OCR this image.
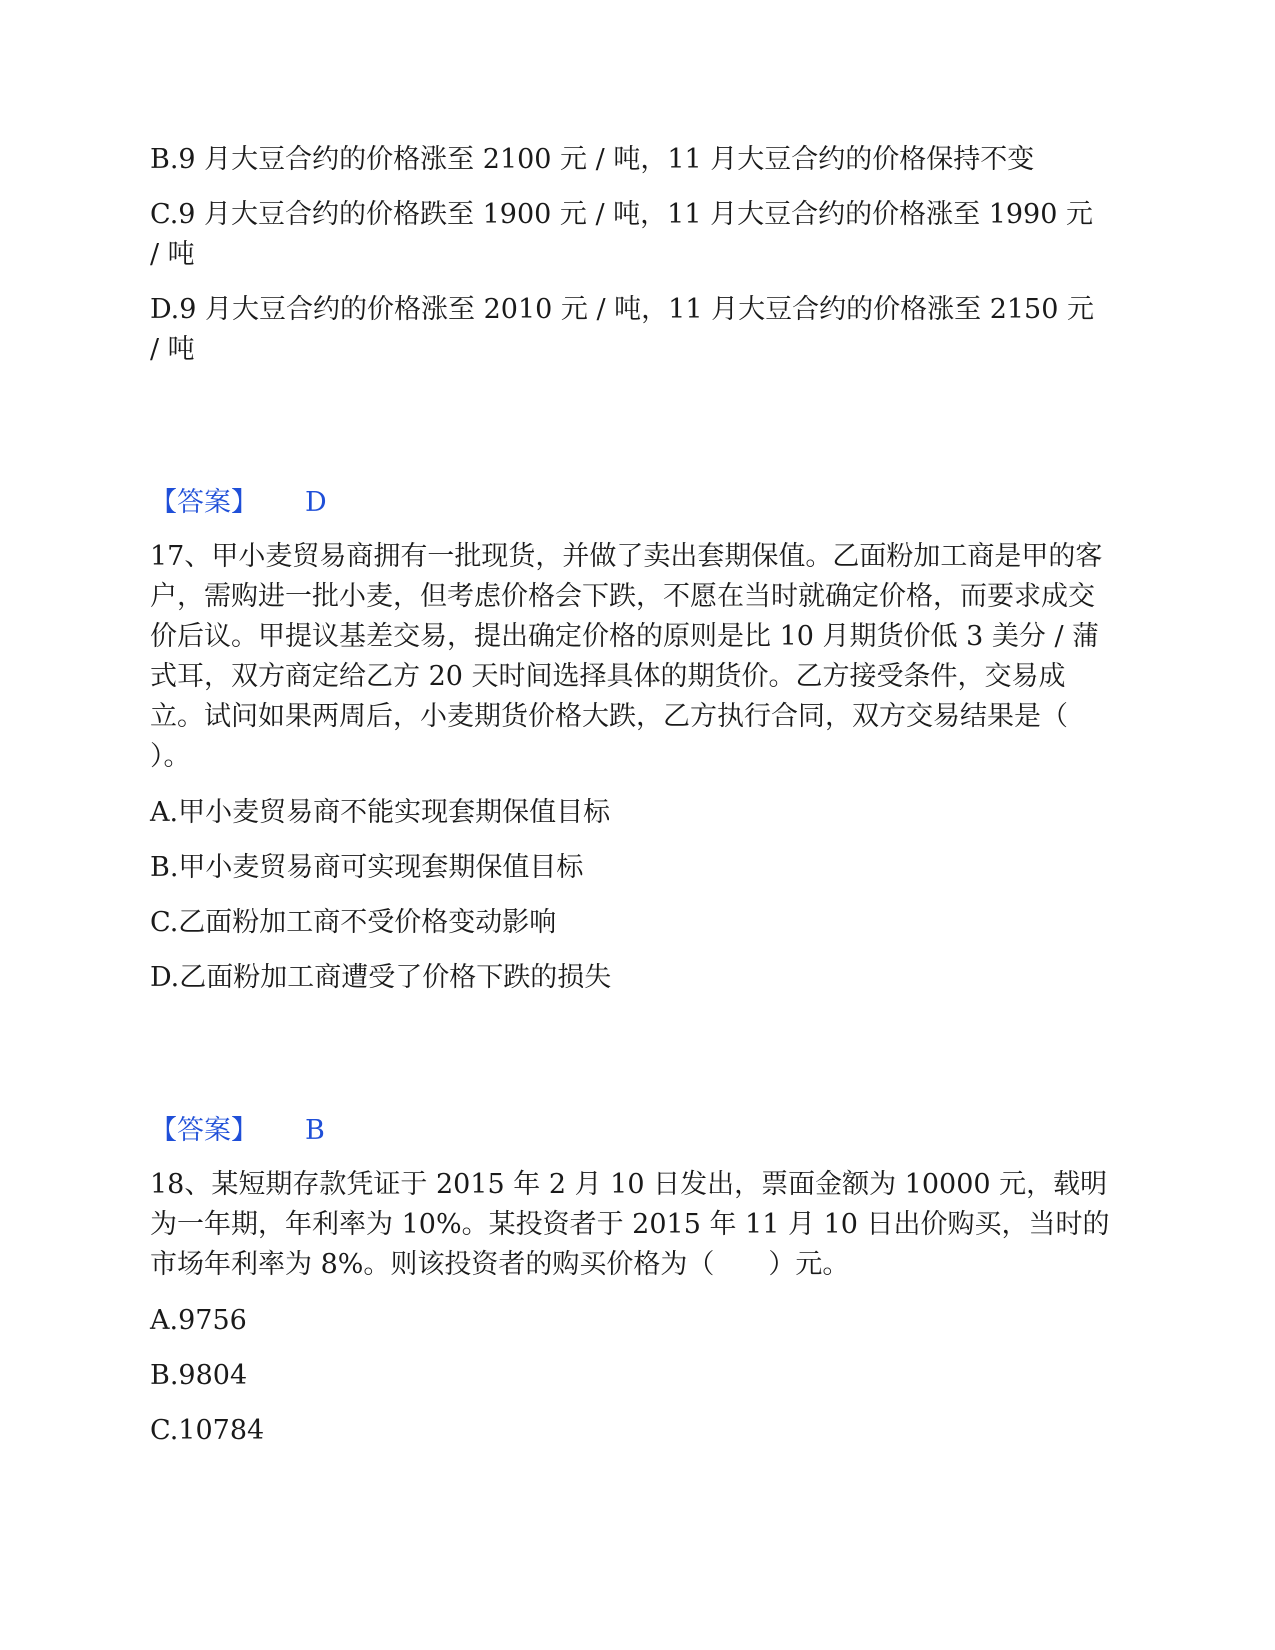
B.9 月大豆合约的价格涨至 2100 元 / 吨，11 月大豆合约的价格保持不变

C.9 月大豆合约的价格跌至 1900 元 / 吨，11 月大豆合约的价格涨至 1990 元 / 吨

D.9 月大豆合约的价格涨至 2010 元 / 吨，11 月大豆合约的价格涨至 2150 元 / 吨

【答案】	D

17、甲小麦贸易商拥有一批现货，并做了卖出套期保值。乙面粉加工商是甲的客户，需购进一批小麦，但考虑价格会下跌，不愿在当时就确定价格，而要求成交价后议。甲提议基差交易，提出确定价格的原则是比 10 月期货价低 3 美分 / 蒲式耳，双方商定给乙方 20 天时间选择具体的期货价。乙方接受条件，交易成立。试问如果两周后，小麦期货价格大跌，乙方执行合同，双方交易结果是（ ）。

A.甲小麦贸易商不能实现套期保值目标

B.甲小麦贸易商可实现套期保值目标

C.乙面粉加工商不受价格变动影响

D.乙面粉加工商遭受了价格下跌的损失

【答案】	B

18、某短期存款凭证于 2015 年 2 月 10 日发出，票面金额为 10000 元，载明为一年期，年利率为 10%。某投资者于 2015 年 11 月 10 日出价购买，当时的市场年利率为 8%。则该投资者的购买价格为（　　）元。

A.9756

B.9804

C.10784
